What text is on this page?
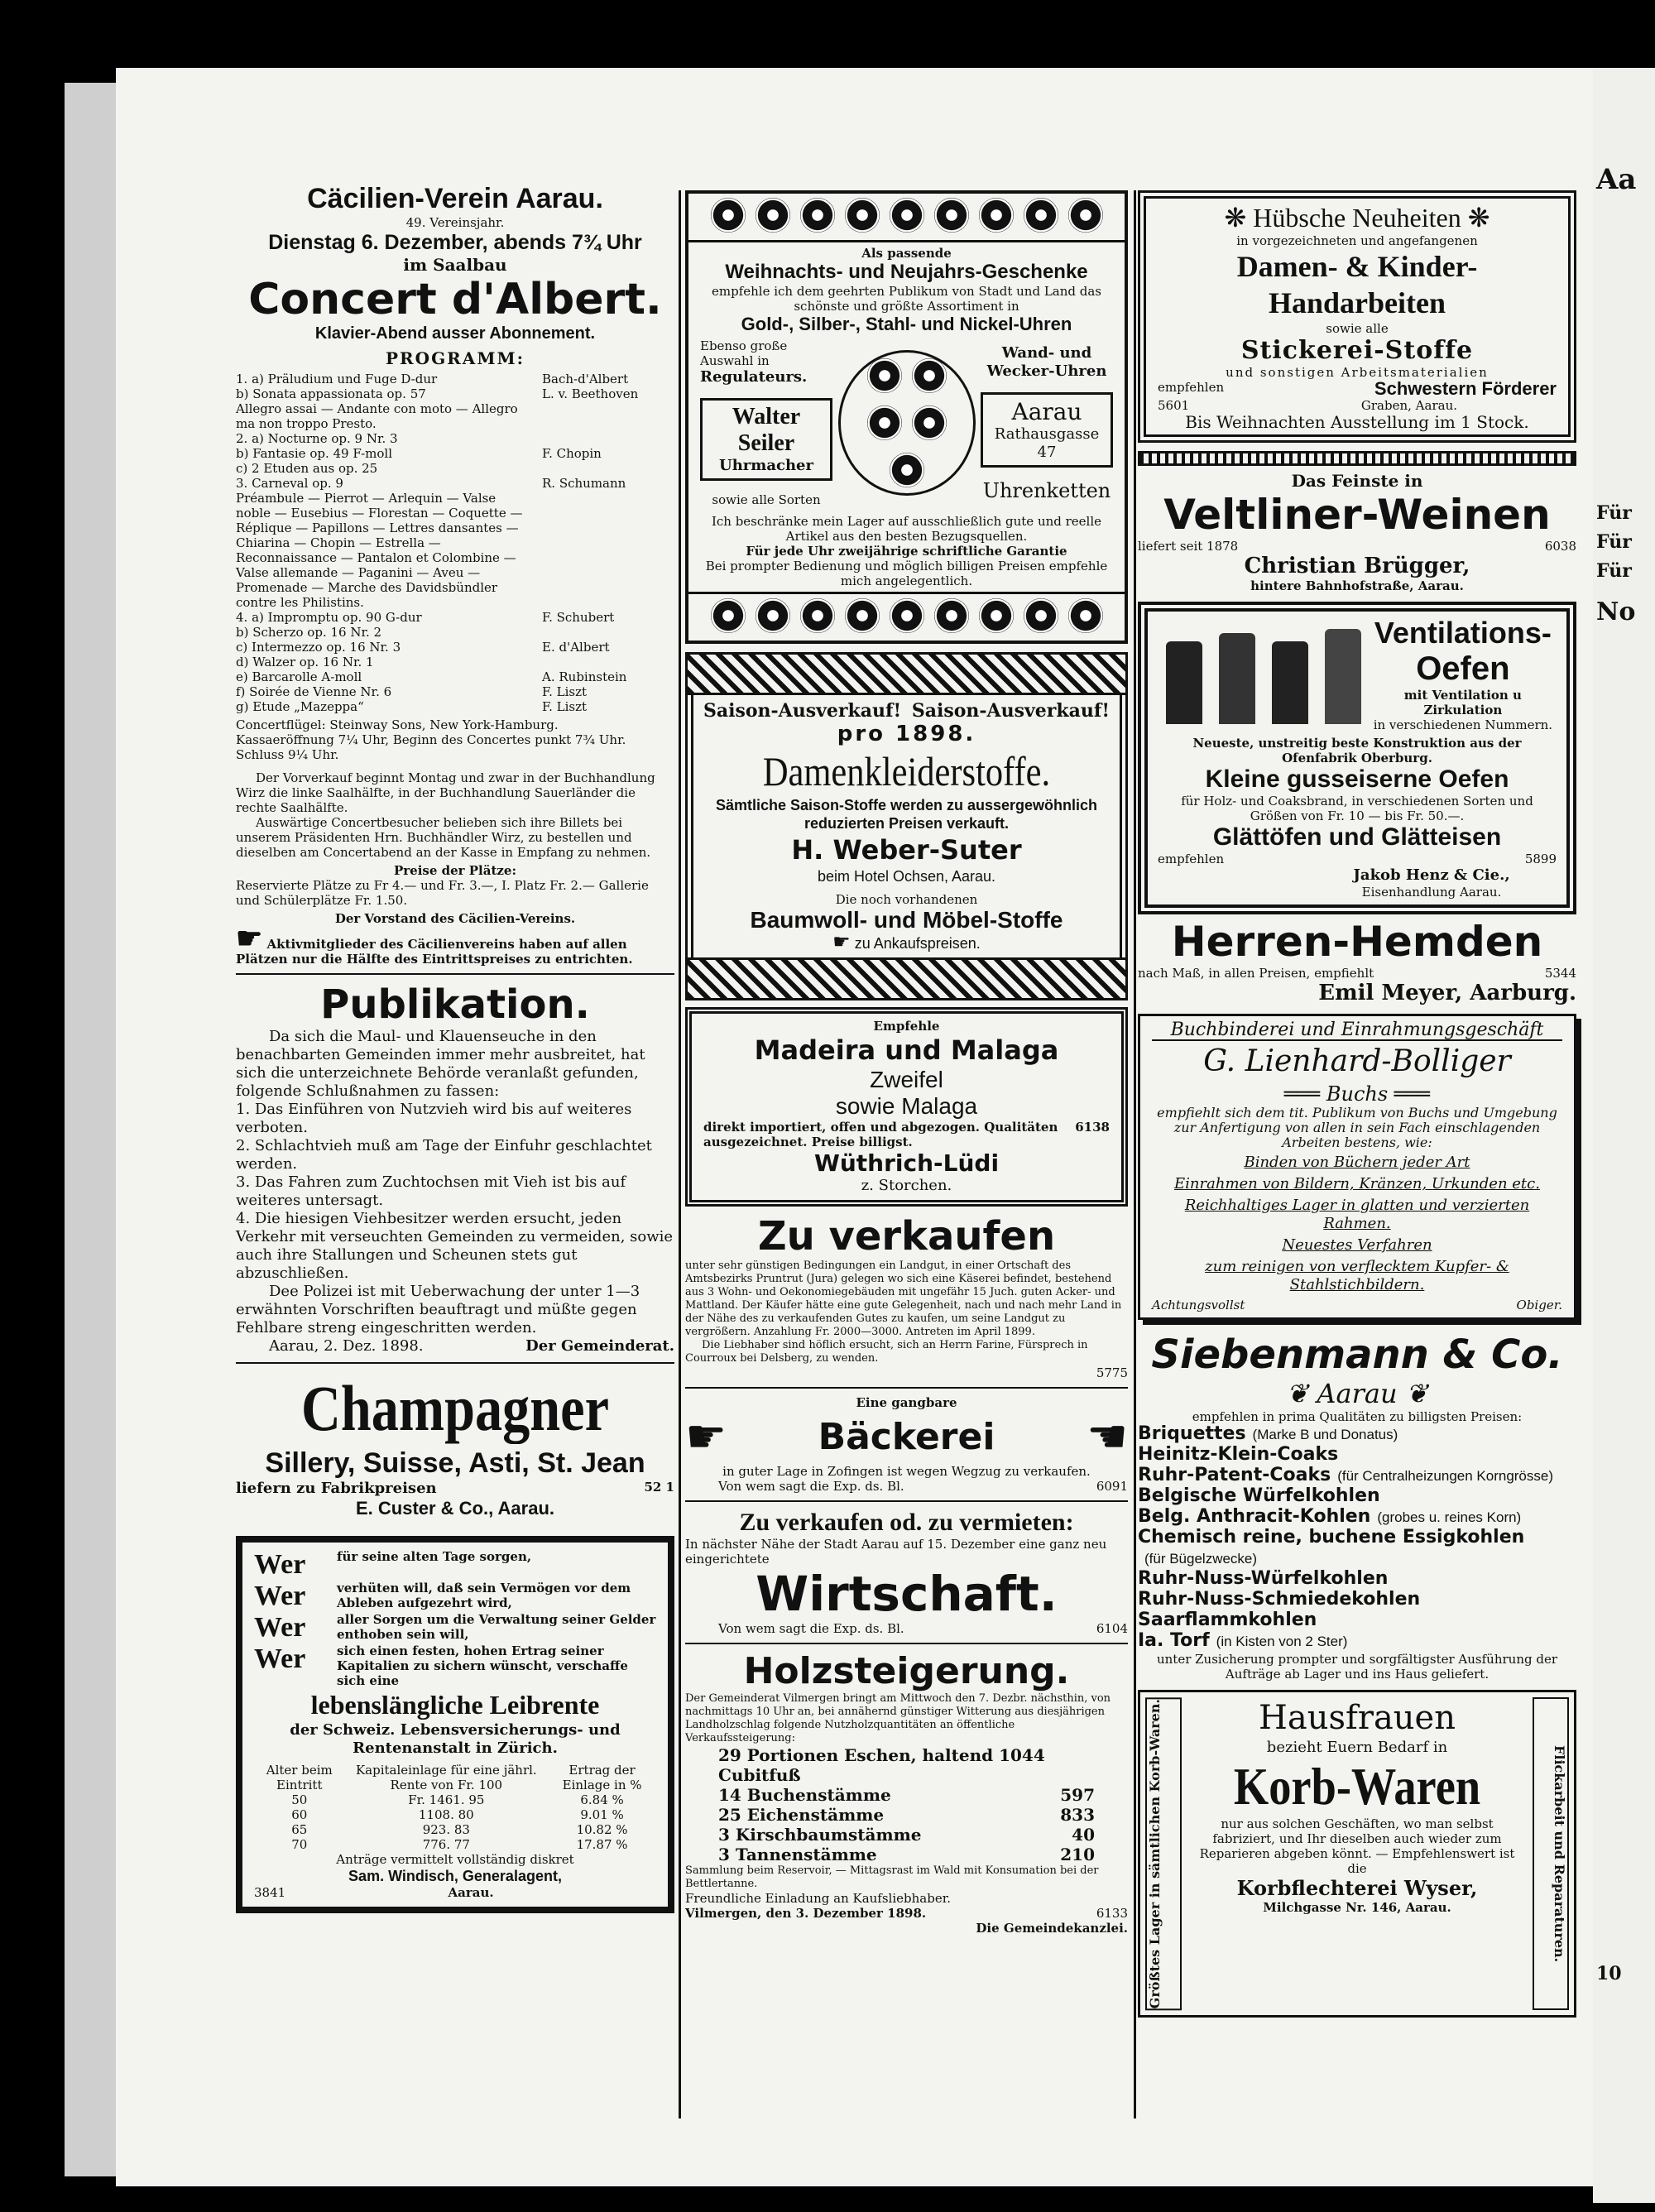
Aa
Für
Für
Für
No
10
Cäcilien-Verein Aarau.
49. Vereinsjahr.
Dienstag 6. Dezember, abends 7¾ Uhr
im Saalbau
Concert d'Albert.
Klavier-Abend ausser Abonnement.
PROGRAMM:
1. a) Präludium und Fuge D-dur	Bach-d'Albert
b) Sonata appassionata op. 57	L. v. Beethoven
Allegro assai — Andante con moto — Allegro ma non troppo Presto.
2. a) Nocturne op. 9 Nr. 3
b) Fantasie op. 49 F-moll	F. Chopin
c) 2 Etuden aus op. 25
3. Carneval op. 9	R. Schumann
Préambule — Pierrot — Arlequin — Valse noble — Eusebius — Florestan — Coquette — Réplique — Papillons — Lettres dansantes — Chiarina — Chopin — Estrella — Reconnaissance — Pantalon et Colombine — Valse allemande — Paganini — Aveu — Promenade — Marche des Davidsbündler contre les Philistins.
4. a) Impromptu op. 90 G-dur	F. Schubert
b) Scherzo op. 16 Nr. 2
c) Intermezzo op. 16 Nr. 3	E. d'Albert
d) Walzer op. 16 Nr. 1
e) Barcarolle A-moll	A. Rubinstein
f) Soirée de Vienne Nr. 6	F. Liszt
g) Etude „Mazeppa“	F. Liszt
Concertflügel: Steinway Sons, New York-Hamburg.
Kassaeröffnung 7¼ Uhr, Beginn des Concertes punkt 7¾ Uhr. Schluss 9¼ Uhr.
Der Vorverkauf beginnt Montag und zwar in der Buchhandlung Wirz die linke Saalhälfte, in der Buchhandlung Sauerländer die rechte Saalhälfte.
Auswärtige Concertbesucher belieben sich ihre Billets bei unserem Präsidenten Hrn. Buchhändler Wirz, zu bestellen und dieselben am Concertabend an der Kasse in Empfang zu nehmen.
Preise der Plätze:
Reservierte Plätze zu Fr 4.— und Fr. 3.—, I. Platz Fr. 2.— Gallerie und Schülerplätze Fr. 1.50.
Der Vorstand des Cäcilien-Vereins.
☛ Aktivmitglieder des Cäcilienvereins haben auf allen Plätzen nur die Hälfte des Eintrittspreises zu entrichten.
Publikation.
Da sich die Maul- und Klauenseuche in den benachbarten Gemeinden immer mehr ausbreitet, hat sich die unterzeichnete Behörde veranlaßt gefunden, folgende Schlußnahmen zu fassen:
1. Das Einführen von Nutzvieh wird bis auf weiteres verboten.
2. Schlachtvieh muß am Tage der Einfuhr geschlachtet werden.
3. Das Fahren zum Zuchtochsen mit Vieh ist bis auf weiteres untersagt.
4. Die hiesigen Viehbesitzer werden ersucht, jeden Verkehr mit verseuchten Gemeinden zu vermeiden, sowie auch ihre Stallungen und Scheunen stets gut abzuschließen.
Dee Polizei ist mit Ueberwachung der unter 1—3 erwähnten Vorschriften beauftragt und müßte gegen Fehlbare streng eingeschritten werden.
Aarau, 2. Dez. 1898.	Der Gemeinderat.
Champagner
Sillery, Suisse, Asti, St. Jean
liefern zu Fabrikpreisen	52 1
E. Custer & Co., Aarau.
Wer	für seine alten Tage sorgen,
Wer	verhüten will, daß sein Vermögen vor dem Ableben aufgezehrt wird,
Wer	aller Sorgen um die Verwaltung seiner Gelder enthoben sein will,
Wer	sich einen festen, hohen Ertrag seiner Kapitalien zu sichern wünscht, verschaffe sich eine
lebenslängliche Leibrente
der Schweiz. Lebensversicherungs- und Rentenanstalt in Zürich.
Alter beim Eintritt	Kapitaleinlage für eine jährl. Rente von Fr. 100	Ertrag der Einlage in %
50	Fr. 1461. 95	6.84 %
60	1108. 80	9.01 %
65	923. 83	10.82 %
70	776. 77	17.87 %
Anträge vermittelt vollständig diskret
Sam. Windisch, Generalagent,
3841	Aarau.
Als passende
Weihnachts- und Neujahrs-Geschenke
empfehle ich dem geehrten Publikum von Stadt und Land das schönste und größte Assortiment in
Gold-, Silber-, Stahl- und Nickel-Uhren
Ebenso große Auswahl in
Regulateurs.
Walter Seiler
Uhrmacher
sowie alle Sorten
Wand- und Wecker-Uhren
Aarau
Rathausgasse 47
Uhrenketten
Ich beschränke mein Lager auf ausschließlich gute und reelle Artikel aus den besten Bezugsquellen.
Für jede Uhr zweijährige schriftliche Garantie
Bei prompter Bedienung und möglich billigen Preisen empfehle mich angelegentlich.
Saison-Ausverkauf! Saison-Ausverkauf!
pro 1898.
Damenkleiderstoffe.
Sämtliche Saison-Stoffe werden zu aussergewöhnlich reduzierten Preisen verkauft.
H. Weber-Suter
beim Hotel Ochsen, Aarau.
Die noch vorhandenen
Baumwoll- und Möbel-Stoffe
☛ zu Ankaufspreisen.
Empfehle
Madeira und Malaga
Zweifel
sowie Malaga
direkt importiert, offen und abgezogen. Qualitäten ausgezeichnet. Preise billigst.
6138
Wüthrich-Lüdi
z. Storchen.
Zu verkaufen
unter sehr günstigen Bedingungen ein Landgut, in einer Ortschaft des Amtsbezirks Pruntrut (Jura) gelegen wo sich eine Käserei befindet, bestehend aus 3 Wohn- und Oekonomiegebäuden mit ungefähr 15 Juch. guten Acker- und Mattland. Der Käufer hätte eine gute Gelegenheit, nach und nach mehr Land in der Nähe des zu verkaufenden Gutes zu kaufen, um seine Landgut zu vergrößern. Anzahlung Fr. 2000—3000. Antreten im April 1899.
Die Liebhaber sind höflich ersucht, sich an Herrn Farine, Fürsprech in Courroux bei Delsberg, zu wenden.
5775
Eine gangbare
☛	Bäckerei ☛
in guter Lage in Zofingen ist wegen Wegzug zu verkaufen.
Von wem sagt die Exp. ds. Bl.	6091
Zu verkaufen od. zu vermieten:
In nächster Nähe der Stadt Aarau auf 15. Dezember eine ganz neu eingerichtete
Wirtschaft.
Von wem sagt die Exp. ds. Bl.	6104
Holzsteigerung.
Der Gemeinderat Vilmergen bringt am Mittwoch den 7. Dezbr. nächsthin, von nachmittags 10 Uhr an, bei annähernd günstiger Witterung aus diesjährigen Landholzschlag folgende Nutzholzquantitäten an öffentliche Verkaufssteigerung:
29 Portionen Eschen, haltend 1044 Cubitfuß
14 Buchenstämme	597
25 Eichenstämme	833
3 Kirschbaumstämme	40
3 Tannenstämme	210
Sammlung beim Reservoir, — Mittagsrast im Wald mit Konsumation bei der Bettlertanne.
Freundliche Einladung an Kaufsliebhaber.
Vilmergen, den 3. Dezember 1898.	6133
Die Gemeindekanzlei.
❋ Hübsche Neuheiten ❋
in vorgezeichneten und angefangenen
Damen- & Kinder-Handarbeiten
sowie alle
Stickerei-Stoffe
und sonstigen Arbeitsmaterialien
empfehlen	Schwestern Förderer
5601	Graben, Aarau.
Bis Weihnachten Ausstellung im 1 Stock.
Das Feinste in
Veltliner-Weinen
liefert seit 1878	6038
Christian Brügger,
hintere Bahnhofstraße, Aarau.
Ventilations-
Oefen
mit Ventilation u Zirkulation
in verschiedenen Nummern.
Neueste, unstreitig beste Konstruktion aus der Ofenfabrik Oberburg.
Kleine gusseiserne Oefen
für Holz- und Coaksbrand, in verschiedenen Sorten und Größen von Fr. 10 — bis Fr. 50.—.
Glättöfen und Glätteisen
empfehlen	5899
Jakob Henz & Cie.,
Eisenhandlung Aarau.
Herren-Hemden
nach Maß, in allen Preisen, empfiehlt	5344
Emil Meyer, Aarburg.
Buchbinderei und Einrahmungsgeschäft
G. Lienhard-Bolliger
═══ Buchs ═══
empfiehlt sich dem tit. Publikum von Buchs und Umgebung zur Anfertigung von allen in sein Fach einschlagenden Arbeiten bestens, wie:
Binden von Büchern jeder Art
Einrahmen von Bildern, Kränzen, Urkunden etc.
Reichhaltiges Lager in glatten und verzierten Rahmen.
Neuestes Verfahren
zum reinigen von verflecktem Kupfer- & Stahlstichbildern.
Achtungsvollst	Obiger.
Siebenmann & Co.
❦ Aarau ❦
empfehlen in prima Qualitäten zu billigsten Preisen:
Briquettes (Marke B und Donatus)
Heinitz-Klein-Coaks
Ruhr-Patent-Coaks (für Centralheizungen Korngrösse)
Belgische Würfelkohlen
Belg. Anthracit-Kohlen (grobes u. reines Korn)
Chemisch reine, buchene Essigkohlen
(für Bügelzwecke)
Ruhr-Nuss-Würfelkohlen
Ruhr-Nuss-Schmiedekohlen
Saarflammkohlen
Ia. Torf (in Kisten von 2 Ster)
unter Zusicherung prompter und sorgfältigster Ausführung der Aufträge ab Lager und ins Haus geliefert.
Größtes Lager in sämtlichen Korb-Waren.	Hausfrauen
bezieht Euern Bedarf in
Korb-Waren
nur aus solchen Geschäften, wo man selbst fabriziert, und Ihr dieselben auch wieder zum Reparieren abgeben könnt. — Empfehlenswert ist die
Korbflechterei Wyser,
Milchgasse Nr. 146, Aarau.	Flickarbeit und Reparaturen.
